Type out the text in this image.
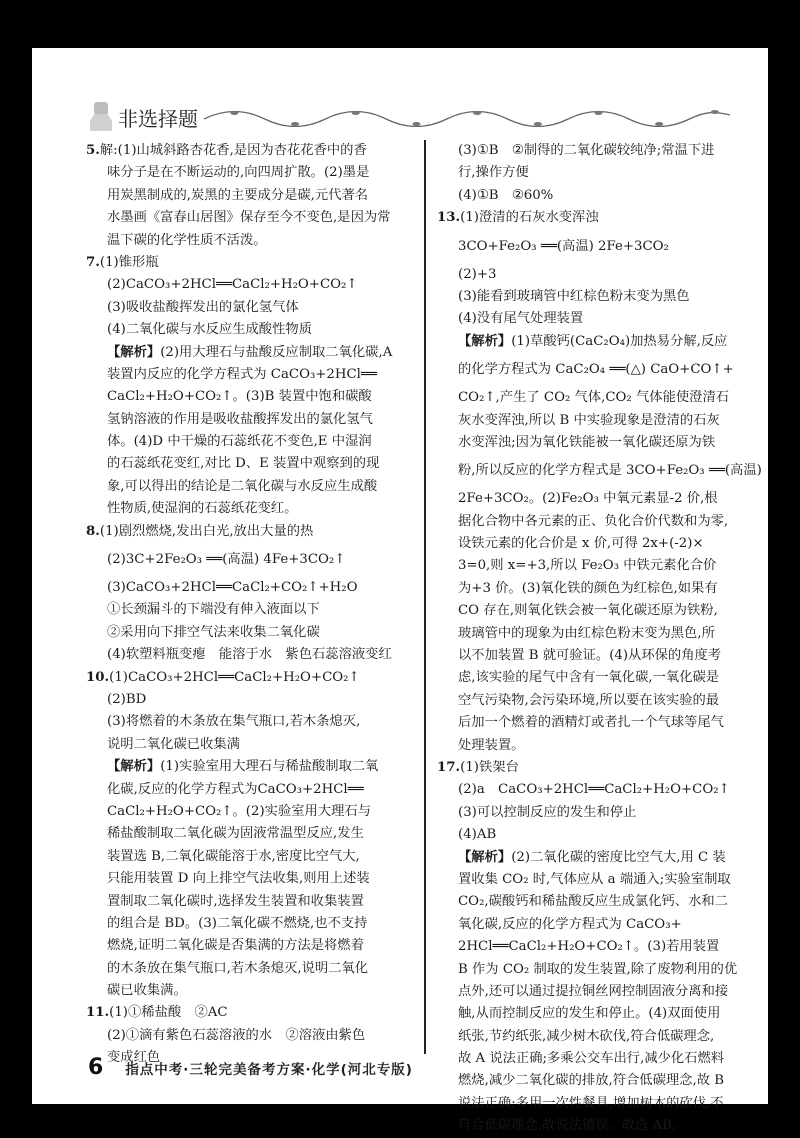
非选择题
5.解:(1)山城斜路杏花香,是因为杏花花香中的香
味分子是在不断运动的,向四周扩散。(2)墨是
用炭黑制成的,炭黑的主要成分是碳,元代著名
水墨画《富春山居图》保存至今不变色,是因为常
温下碳的化学性质不活泼。
7.(1)锥形瓶
(2)CaCO₃+2HCl══CaCl₂+H₂O+CO₂↑
(3)吸收盐酸挥发出的氯化氢气体
(4)二氧化碳与水反应生成酸性物质
【解析】(2)用大理石与盐酸反应制取二氧化碳,A
装置内反应的化学方程式为 CaCO₃+2HCl══
CaCl₂+H₂O+CO₂↑。(3)B 装置中饱和碳酸
氢钠溶液的作用是吸收盐酸挥发出的氯化氢气
体。(4)D 中干燥的石蕊纸花不变色,E 中湿润
的石蕊纸花变红,对比 D、E 装置中观察到的现
象,可以得出的结论是二氧化碳与水反应生成酸
性物质,使湿润的石蕊纸花变红。
8.(1)剧烈燃烧,发出白光,放出大量的热
(2)3C+2Fe₂O₃ ══(高温) 4Fe+3CO₂↑
(3)CaCO₃+2HCl══CaCl₂+CO₂↑+H₂O
①长颈漏斗的下端没有伸入液面以下
②采用向下排空气法来收集二氧化碳
(4)软塑料瓶变瘪　能溶于水　紫色石蕊溶液变红
10.(1)CaCO₃+2HCl══CaCl₂+H₂O+CO₂↑
(2)BD
(3)将燃着的木条放在集气瓶口,若木条熄灭,
说明二氧化碳已收集满
【解析】(1)实验室用大理石与稀盐酸制取二氧
化碳,反应的化学方程式为CaCO₃+2HCl══
CaCl₂+H₂O+CO₂↑。(2)实验室用大理石与
稀盐酸制取二氧化碳为固液常温型反应,发生
装置选 B,二氧化碳能溶于水,密度比空气大,
只能用装置 D 向上排空气法收集,则用上述装
置制取二氧化碳时,选择发生装置和收集装置
的组合是 BD。(3)二氧化碳不燃烧,也不支持
燃烧,证明二氧化碳是否集满的方法是将燃着
的木条放在集气瓶口,若木条熄灭,说明二氧化
碳已收集满。
11.(1)①稀盐酸　②AC
(2)①滴有紫色石蕊溶液的水　②溶液由紫色
变成红色
(3)①B　②制得的二氧化碳较纯净;常温下进
行,操作方便
(4)①B　②60%
13.(1)澄清的石灰水变浑浊
3CO+Fe₂O₃ ══(高温) 2Fe+3CO₂
(2)+3
(3)能看到玻璃管中红棕色粉末变为黑色
(4)没有尾气处理装置
【解析】(1)草酸钙(CaC₂O₄)加热易分解,反应
的化学方程式为 CaC₂O₄ ══(△) CaO+CO↑+
CO₂↑,产生了 CO₂ 气体,CO₂ 气体能使澄清石
灰水变浑浊,所以 B 中实验现象是澄清的石灰
水变浑浊;因为氧化铁能被一氧化碳还原为铁
粉,所以反应的化学方程式是 3CO+Fe₂O₃ ══(高温)
2Fe+3CO₂。(2)Fe₂O₃ 中氧元素显-2 价,根
据化合物中各元素的正、负化合价代数和为零,
设铁元素的化合价是 x 价,可得 2x+(-2)×
3=0,则 x=+3,所以 Fe₂O₃ 中铁元素化合价
为+3 价。(3)氧化铁的颜色为红棕色,如果有
CO 存在,则氧化铁会被一氧化碳还原为铁粉,
玻璃管中的现象为由红棕色粉末变为黑色,所
以不加装置 B 就可验证。(4)从环保的角度考
虑,该实验的尾气中含有一氧化碳,一氧化碳是
空气污染物,会污染环境,所以要在该实验的最
后加一个燃着的酒精灯或者扎一个气球等尾气
处理装置。
17.(1)铁架台
(2)a　CaCO₃+2HCl══CaCl₂+H₂O+CO₂↑
(3)可以控制反应的发生和停止
(4)AB
【解析】(2)二氧化碳的密度比空气大,用 C 装
置收集 CO₂ 时,气体应从 a 端通入;实验室制取
CO₂,碳酸钙和稀盐酸反应生成氯化钙、水和二
氧化碳,反应的化学方程式为 CaCO₃+
2HCl══CaCl₂+H₂O+CO₂↑。(3)若用装置
B 作为 CO₂ 制取的发生装置,除了废物利用的优
点外,还可以通过提拉铜丝网控制固液分离和接
触,从而控制反应的发生和停止。(4)双面使用
纸张,节约纸张,减少树木砍伐,符合低碳理念,
故 A 说法正确;多乘公交车出行,减少化石燃料
燃烧,减少二氧化碳的排放,符合低碳理念,故 B
说法正确;多用一次性餐具,增加树木的砍伐,不
符合低碳理念,故说法错误。故选 AB。
6 指点中考·三轮完美备考方案·化学(河北专版)
